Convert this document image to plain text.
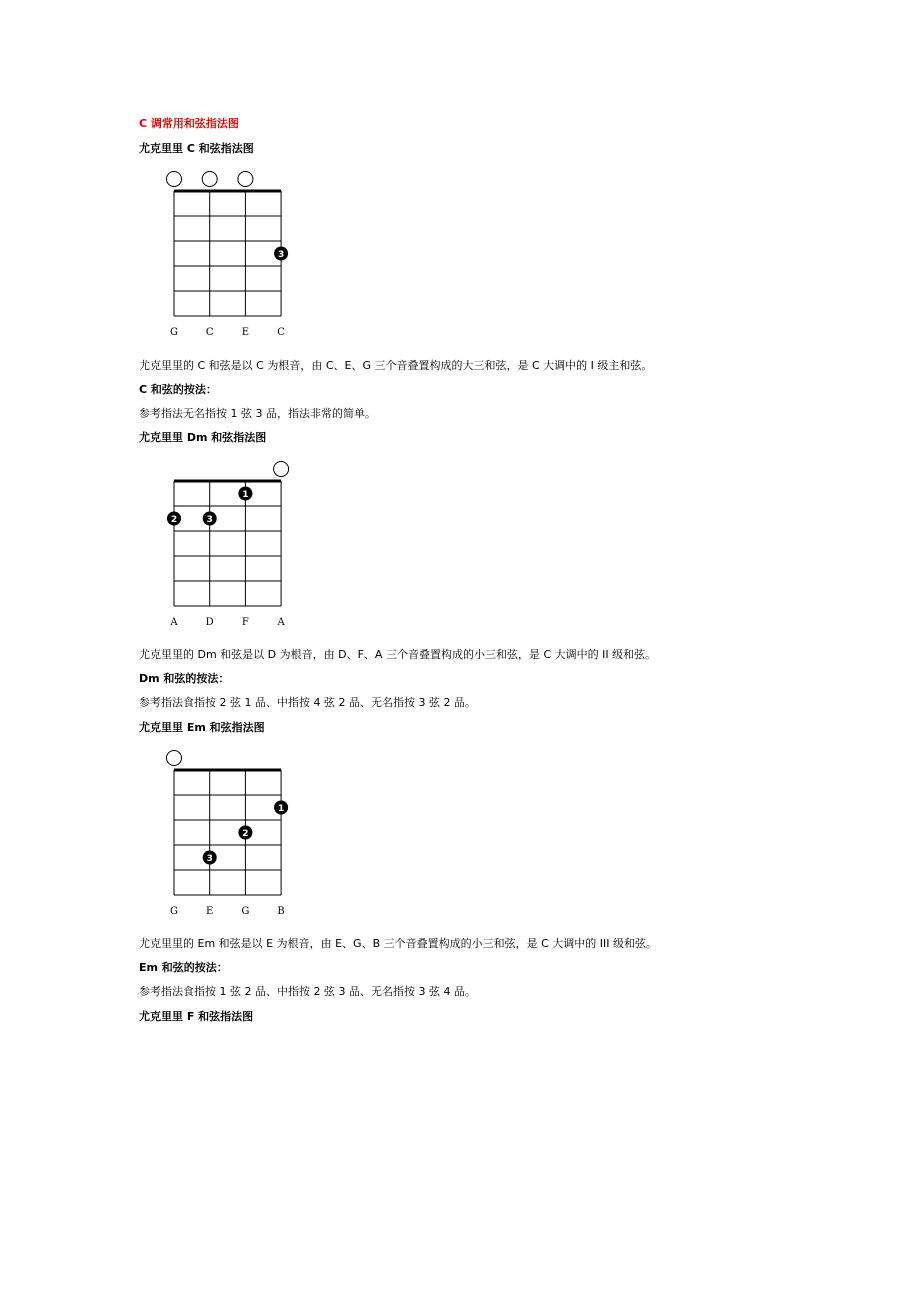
C 调常用和弦指法图
尤克里里 C 和弦指法图
3
G	C	E	C
尤克里里的 C 和弦是以 C 为根音，由 C、E、G 三个音叠置构成的大三和弦，是 C 大调中的 I 级主和弦。
C 和弦的按法：
参考指法无名指按 1 弦 3 品，指法非常的简单。
尤克里里 Dm 和弦指法图
1
2	3
A	D	F	A
尤克里里的 Dm 和弦是以 D 为根音，由 D、F、A 三个音叠置构成的小三和弦，是 C 大调中的 II 级和弦。
Dm 和弦的按法：
参考指法食指按 2 弦 1 品、中指按 4 弦 2 品、无名指按 3 弦 2 品。
尤克里里 Em 和弦指法图
1
2
3
G	E	G	B
尤克里里的 Em 和弦是以 E 为根音，由 E、G、B 三个音叠置构成的小三和弦，是 C 大调中的 III 级和弦。
Em 和弦的按法：
参考指法食指按 1 弦 2 品、中指按 2 弦 3 品、无名指按 3 弦 4 品。
尤克里里 F 和弦指法图
